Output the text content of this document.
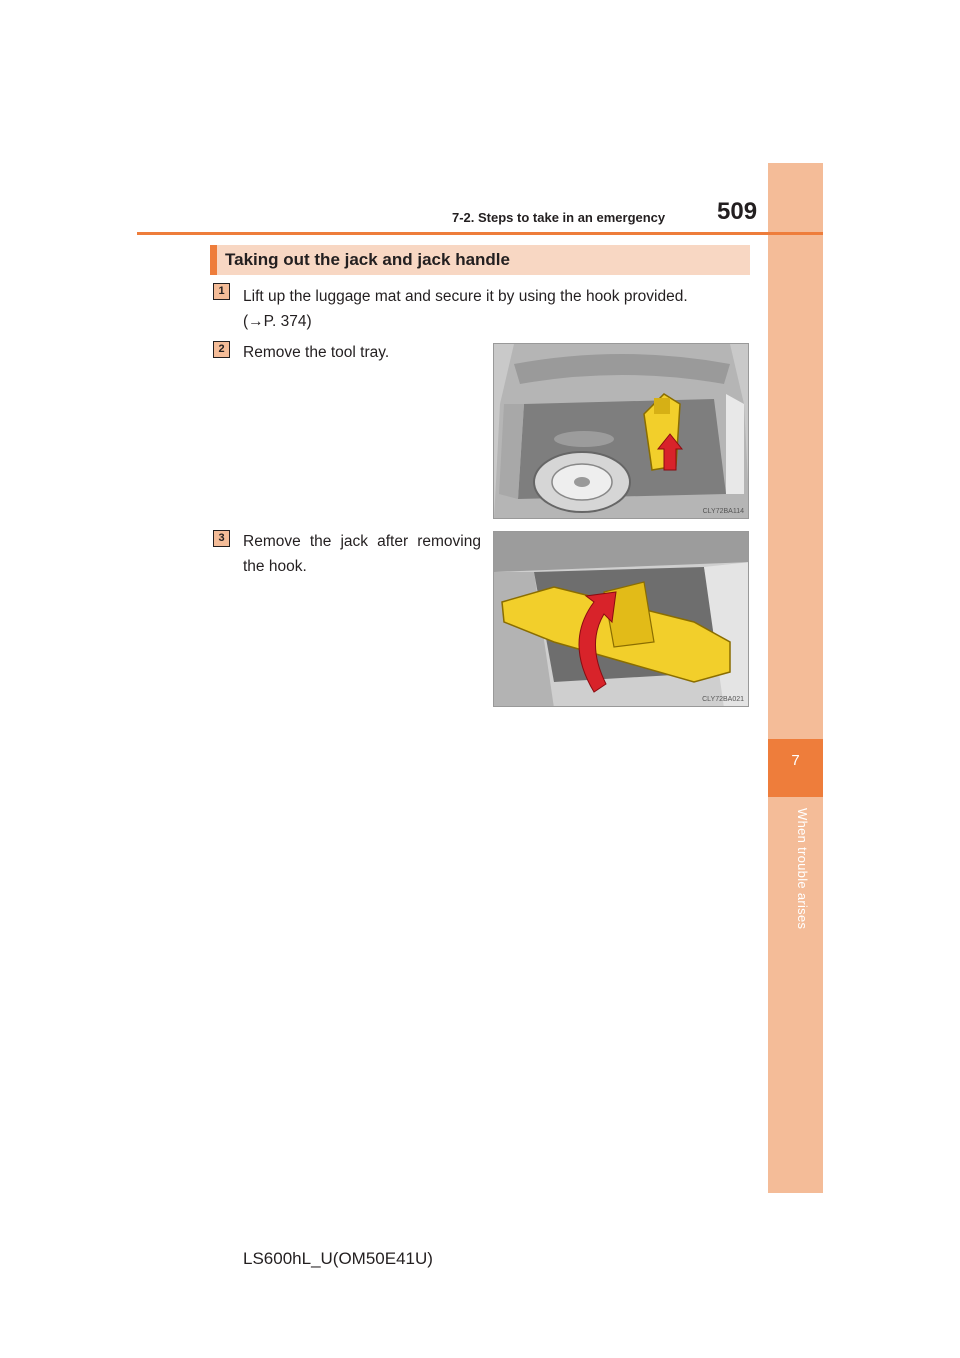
7
When trouble arises
7-2. Steps to take in an emergency 509
Taking out the jack and jack handle
1	Lift up the luggage mat and secure it by using the hook provided.
(→P. 374)
2	Remove the tool tray.
CLY72BA114
3	Remove the jack after removing
the hook.
CLY72BA021
LS600hL_U(OM50E41U)
